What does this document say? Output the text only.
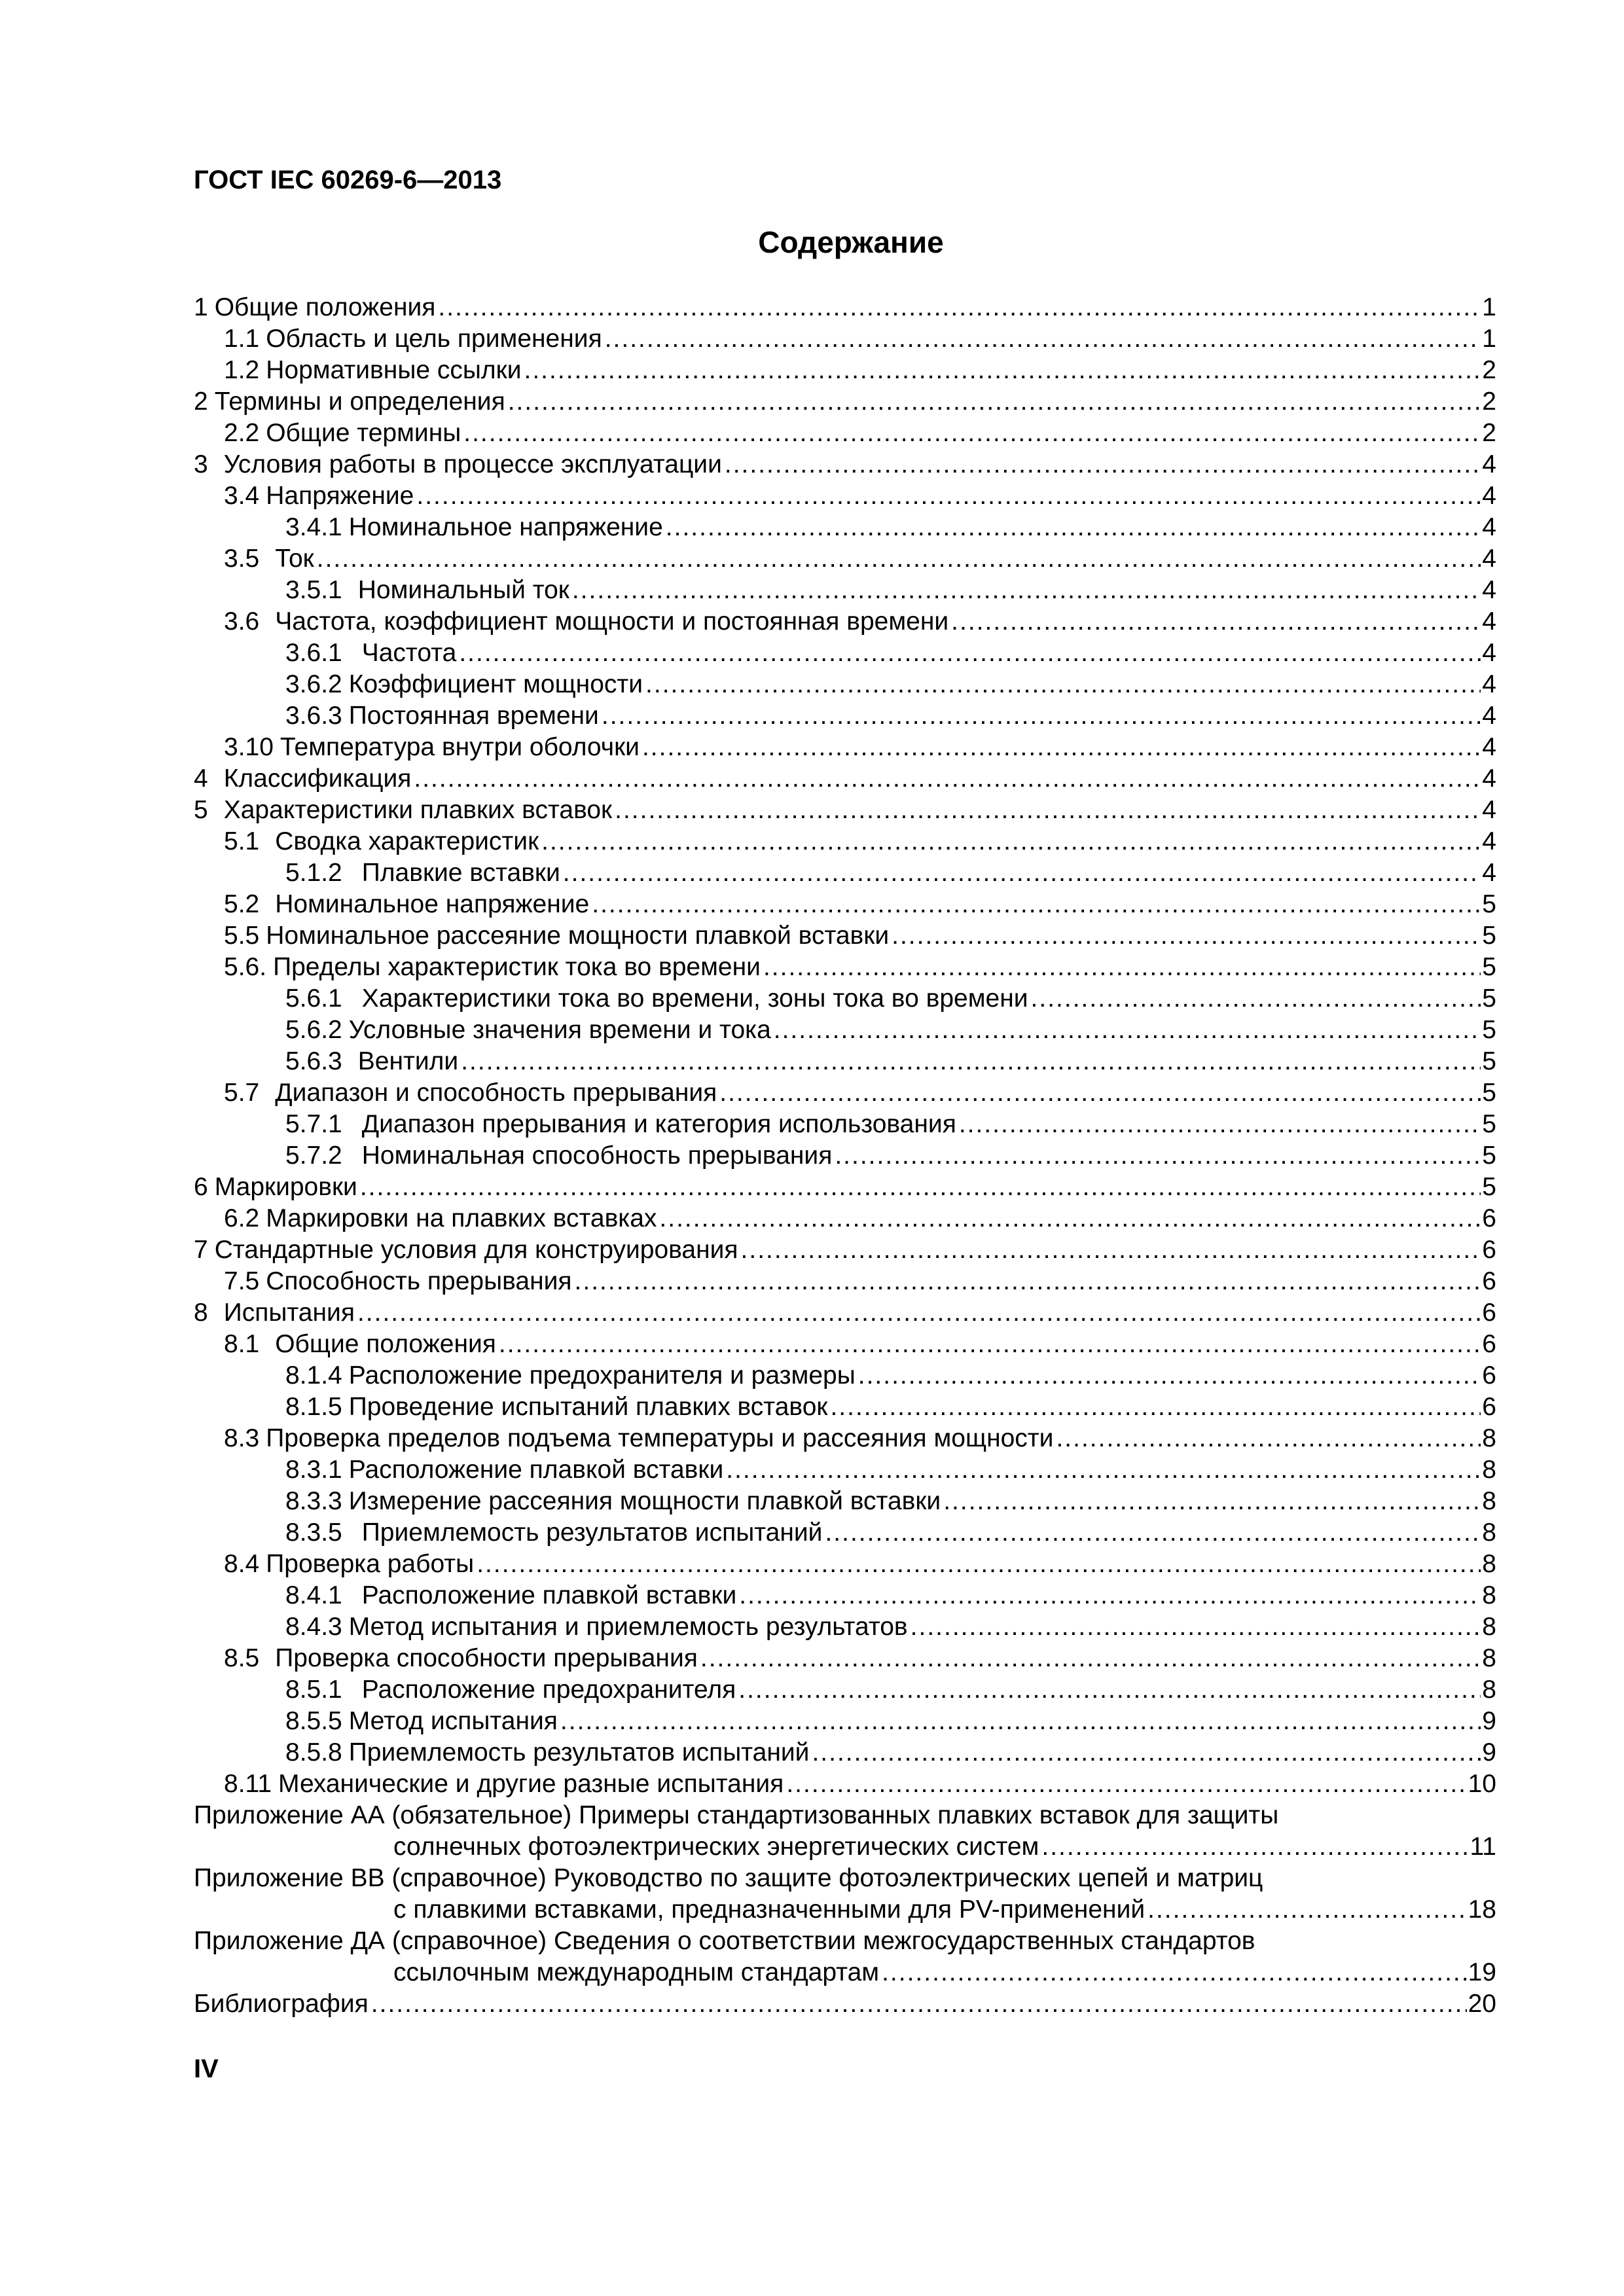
ГОСТ IEC 60269-6—2013
Содержание
1 Общие положения .....	1
1.1 Область и цель применения .....	1
1.2 Нормативные ссылки .....	2
2 Термины и определения .....	2
2.2 Общие термины .....	2
3 Условия работы в процессе эксплуатации .....	4
3.4 Напряжение .....	4
3.4.1 Номинальное напряжение .....	4
3.5 Ток .....	4
3.5.1 Номинальный ток .....	4
3.6 Частота, коэффициент мощности и постоянная времени .....	4
3.6.1 Частота .....	4
3.6.2 Коэффициент мощности .....	4
3.6.3 Постоянная времени .....	4
3.10 Температура внутри оболочки .....	4
4 Классификация .....	4
5 Характеристики плавких вставок .....	4
5.1 Сводка характеристик .....	4
5.1.2 Плавкие вставки .....	4
5.2 Номинальное напряжение .....	5
5.5 Номинальное рассеяние мощности плавкой вставки .....	5
5.6. Пределы характеристик тока во времени .....	5
5.6.1 Характеристики тока во времени, зоны тока во времени .....	5
5.6.2 Условные значения времени и тока .....	5
5.6.3 Вентили .....	5
5.7 Диапазон и способность прерывания .....	5
5.7.1 Диапазон прерывания и категория использования .....	5
5.7.2 Номинальная способность прерывания .....	5
6 Маркировки .....	5
6.2 Маркировки на плавких вставках .....	6
7 Стандартные условия для конструирования .....	6
7.5 Способность прерывания .....	6
8 Испытания .....	6
8.1 Общие положения .....	6
8.1.4 Расположение предохранителя и размеры .....	6
8.1.5 Проведение испытаний плавких вставок .....	6
8.3 Проверка пределов подъема температуры и рассеяния мощности .....	8
8.3.1 Расположение плавкой вставки .....	8
8.3.3 Измерение рассеяния мощности плавкой вставки .....	8
8.3.5 Приемлемость результатов испытаний .....	8
8.4 Проверка работы .....	8
8.4.1 Расположение плавкой вставки .....	8
8.4.3 Метод испытания и приемлемость результатов .....	8
8.5 Проверка способности прерывания .....	8
8.5.1 Расположение предохранителя .....	8
8.5.5 Метод испытания .....	9
8.5.8 Приемлемость результатов испытаний .....	9
8.11 Механические и другие разные испытания .....	10
Приложение АА (обязательное) Примеры стандартизованных плавких вставок для защиты
солнечных фотоэлектрических энергетических систем .....	11
Приложение ВВ (справочное) Руководство по защите фотоэлектрических цепей и матриц
с плавкими вставками, предназначенными для PV-применений .....	18
Приложение ДА (справочное) Сведения о соответствии межгосударственных стандартов
ссылочным международным стандартам .....	19
Библиография .....	20
IV
